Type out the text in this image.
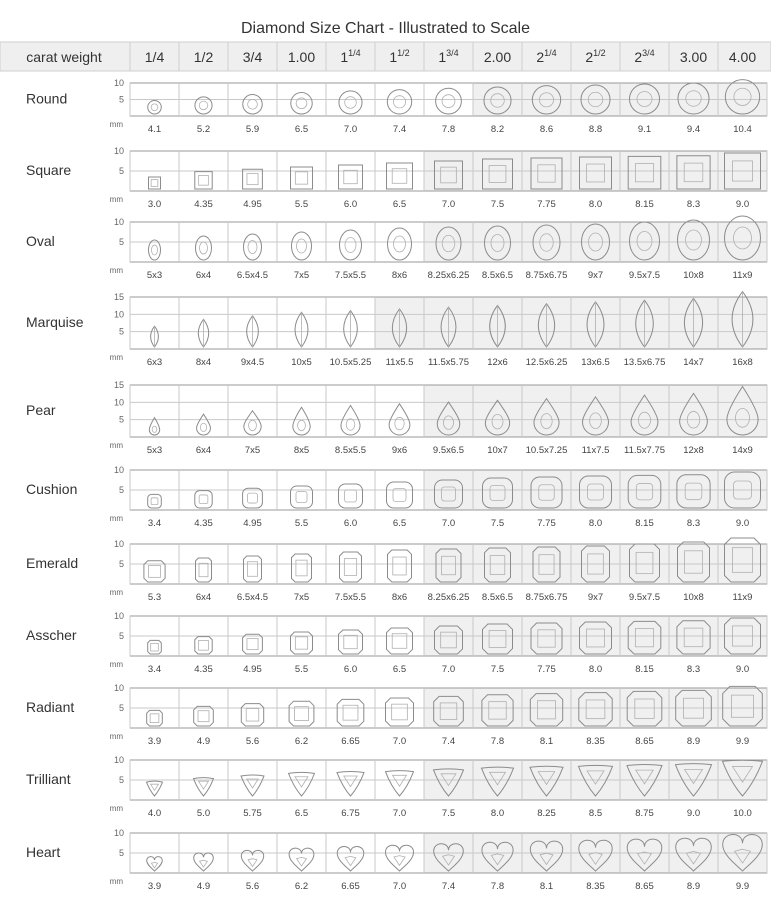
Diamond Size Chart - Illustrated to Scale
carat weight	1/4 1/2 3/4 1.00 $1^{1/4}$ $1^{1/2}$ $1^{3/4}$ 2.00 $2^{1/4}$ $2^{1/2}$ $2^{3/4}$ 3.00 4.00
Round
10
5
mm	4.1	5.2	5.9	6.5	7.0	7.4	7.8	8.2	8.6	8.8	9.1	9.4	10.4
Square
10
5
mm	3.0	4.35	4.95	5.5	6.0	6.5	7.0	7.5	7.75	8.0	8.15	8.3	9.0
Oval
10
5
mm	5x3	6x4	6.5x4.5	7x5	7.5x5.5	8x6 8.25x6.25 8.5x6.5 8.75x6.75 9x7	9.5x7.5 10x8	11x9
Marquise
15
10
5
mm	6x3	8x4	9x4.5	10x5 10.5x5.25 11x5.5 11.5x5.75 12x6 12.5x6.25 13x6.5 13.5x6.75 14x7	16x8
Pear
15
10
5
mm	5x3	6x4	7x5	8x5	8.5x5.5	9x6	9.5x6.5 10x7 10.5x7.25 11x7.5 11.5x7.75 12x8	14x9
Cushion
10
5
mm	3.4	4.35	4.95	5.5	6.0	6.5	7.0	7.5	7.75	8.0	8.15	8.3	9.0
Emerald
10
5
mm	5.3	6x4	6.5x4.5	7x5	7.5x5.5	8x6 8.25x6.25 8.5x6.5 8.75x6.75 9x7	9.5x7.5 10x8	11x9
Asscher
10
5
mm	3.4	4.35	4.95	5.5	6.0	6.5	7.0	7.5	7.75	8.0	8.15	8.3	9.0
Radiant
10
5
mm	3.9	4.9	5.6	6.2	6.65	7.0	7.4	7.8	8.1	8.35	8.65	8.9	9.9
Trilliant
10
5
mm	4.0	5.0	5.75	6.5	6.75	7.0	7.5	8.0	8.25	8.5	8.75	9.0	10.0
Heart
10
5
mm	3.9	4.9	5.6	6.2	6.65	7.0	7.4	7.8	8.1	8.35	8.65	8.9	9.9
